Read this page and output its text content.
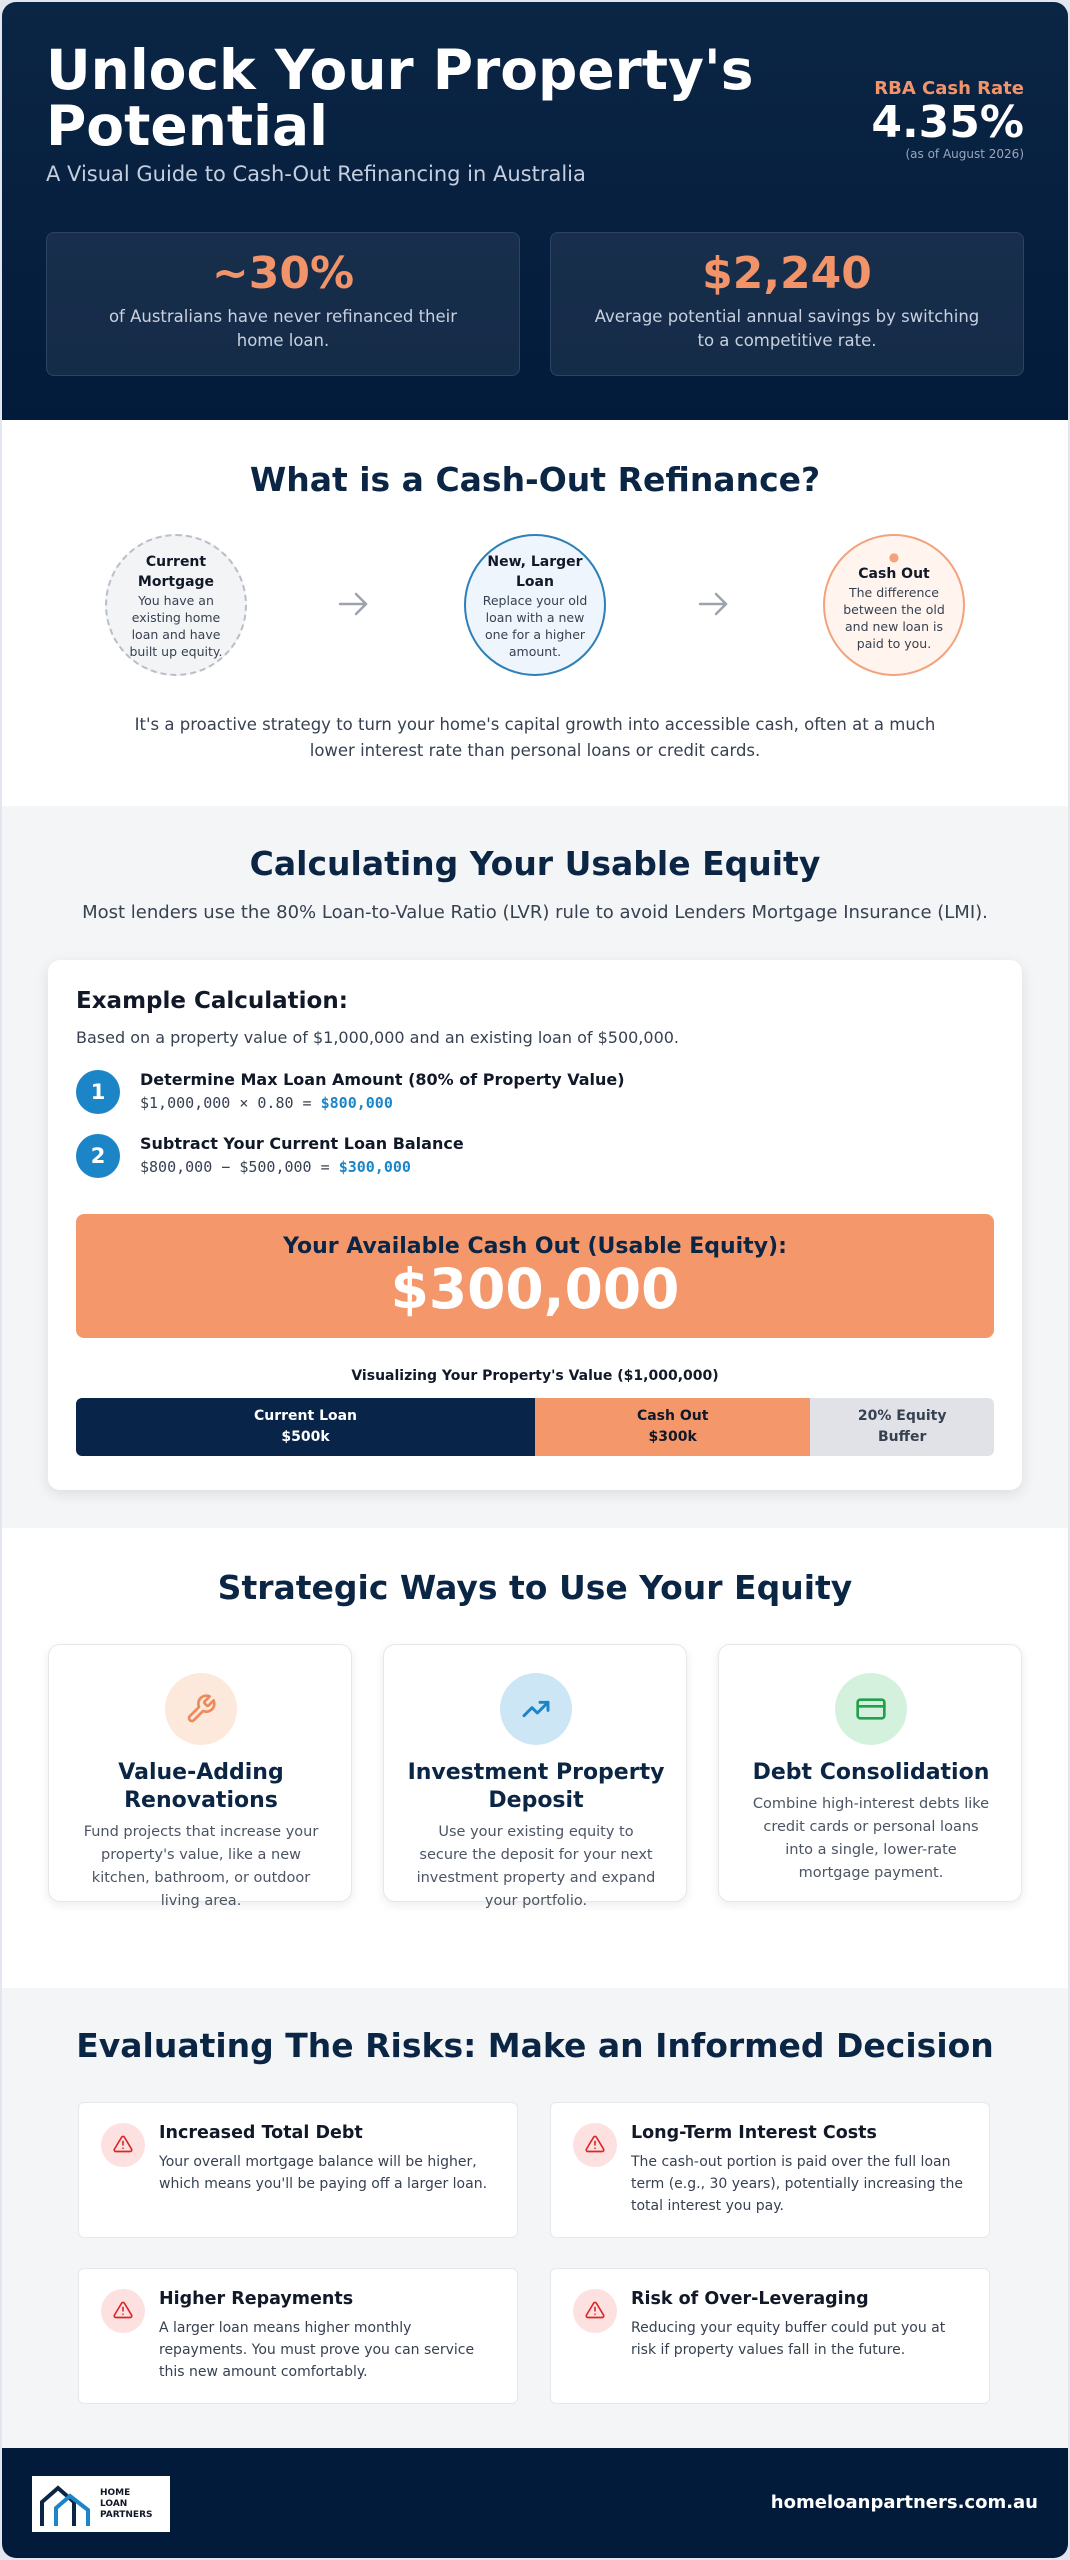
Unlock Your Property's Potential
A Visual Guide to Cash-Out Refinancing in Australia
RBA Cash Rate
4.35%
(as of August 2026)
~30%
of Australians have never refinanced their home loan.
$2,240
Average potential annual savings by switching to a competitive rate.
What is a Cash-Out Refinance?
Current Mortgage
You have an existing home loan and have built up equity.
New, Larger Loan
Replace your old loan with a new one for a higher amount.
●
Cash Out
The difference between the old and new loan is paid to you.
It's a proactive strategy to turn your home's capital growth into accessible cash, often at a much lower interest rate than personal loans or credit cards.
Calculating Your Usable Equity
Most lenders use the 80% Loan-to-Value Ratio (LVR) rule to avoid Lenders Mortgage Insurance (LMI).
Example Calculation:
Based on a property value of $1,000,000 and an existing loan of $500,000.
1
Determine Max Loan Amount (80% of Property Value)
$1,000,000 × 0.80 = $800,000
2
Subtract Your Current Loan Balance
$800,000 − $500,000 = $300,000
Your Available Cash Out (Usable Equity):
$300,000
Visualizing Your Property's Value ($1,000,000)
Current Loan
$500k
Cash Out
$300k
20% Equity
Buffer
Strategic Ways to Use Your Equity
Value-Adding Renovations
Fund projects that increase your property's value, like a new kitchen, bathroom, or outdoor living area.
Investment Property Deposit
Use your existing equity to secure the deposit for your next investment property and expand your portfolio.
Debt Consolidation
Combine high-interest debts like credit cards or personal loans into a single, lower-rate mortgage payment.
Evaluating The Risks: Make an Informed Decision
Increased Total Debt
Your overall mortgage balance will be higher, which means you'll be paying off a larger loan.
Long-Term Interest Costs
The cash-out portion is paid over the full loan term (e.g., 30 years), potentially increasing the total interest you pay.
Higher Repayments
A larger loan means higher monthly repayments. You must prove you can service this new amount comfortably.
Risk of Over-Leveraging
Reducing your equity buffer could put you at risk if property values fall in the future.
HOME
LOAN
PARTNERS
homeloanpartners.com.au
